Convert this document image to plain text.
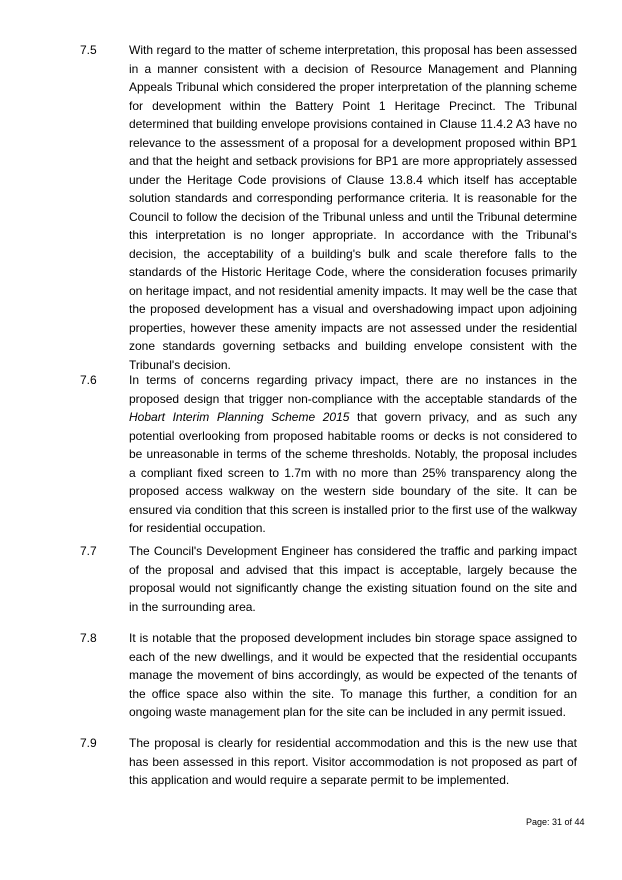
7.5	With regard to the matter of scheme interpretation, this proposal has been assessed in a manner consistent with a decision of Resource Management and Planning Appeals Tribunal which considered the proper interpretation of the planning scheme for development within the Battery Point 1 Heritage Precinct. The Tribunal determined that building envelope provisions contained in Clause 11.4.2 A3 have no relevance to the assessment of a proposal for a development proposed within BP1 and that the height and setback provisions for BP1 are more appropriately assessed under the Heritage Code provisions of Clause 13.8.4 which itself has acceptable solution standards and corresponding performance criteria. It is reasonable for the Council to follow the decision of the Tribunal unless and until the Tribunal determine this interpretation is no longer appropriate. In accordance with the Tribunal's decision, the acceptability of a building's bulk and scale therefore falls to the standards of the Historic Heritage Code, where the consideration focuses primarily on heritage impact, and not residential amenity impacts. It may well be the case that the proposed development has a visual and overshadowing impact upon adjoining properties, however these amenity impacts are not assessed under the residential zone standards governing setbacks and building envelope consistent with the Tribunal's decision.

7.6	In terms of concerns regarding privacy impact, there are no instances in the proposed design that trigger non-compliance with the acceptable standards of the Hobart Interim Planning Scheme 2015 that govern privacy, and as such any potential overlooking from proposed habitable rooms or decks is not considered to be unreasonable in terms of the scheme thresholds. Notably, the proposal includes a compliant fixed screen to 1.7m with no more than 25% transparency along the proposed access walkway on the western side boundary of the site. It can be ensured via condition that this screen is installed prior to the first use of the walkway for residential occupation.

7.7	The Council's Development Engineer has considered the traffic and parking impact of the proposal and advised that this impact is acceptable, largely because the proposal would not significantly change the existing situation found on the site and in the surrounding area.

7.8	It is notable that the proposed development includes bin storage space assigned to each of the new dwellings, and it would be expected that the residential occupants manage the movement of bins accordingly, as would be expected of the tenants of the office space also within the site. To manage this further, a condition for an ongoing waste management plan for the site can be included in any permit issued.

7.9	The proposal is clearly for residential accommodation and this is the new use that has been assessed in this report. Visitor accommodation is not proposed as part of this application and would require a separate permit to be implemented.

Page: 31 of 44
